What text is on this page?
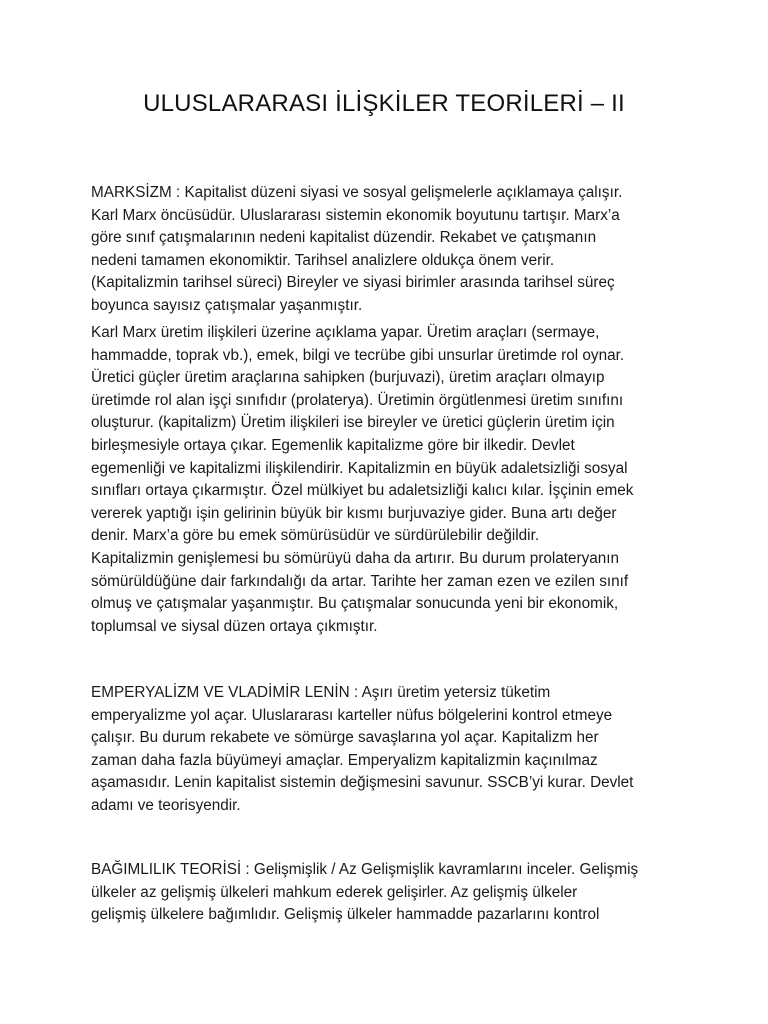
ULUSLARARASI İLİŞKİLER TEORİLERİ – II

MARKSİZM : Kapitalist düzeni siyasi ve sosyal gelişmelerle açıklamaya çalışır.
Karl Marx öncüsüdür. Uluslararası sistemin ekonomik boyutunu tartışır. Marx’a
göre sınıf çatışmalarının nedeni kapitalist düzendir. Rekabet ve çatışmanın
nedeni tamamen ekonomiktir. Tarihsel analizlere oldukça önem verir.
(Kapitalizmin tarihsel süreci) Bireyler ve siyasi birimler arasında tarihsel süreç
boyunca sayısız çatışmalar yaşanmıştır.

Karl Marx üretim ilişkileri üzerine açıklama yapar. Üretim araçları (sermaye,
hammadde, toprak vb.), emek, bilgi ve tecrübe gibi unsurlar üretimde rol oynar.
Üretici güçler üretim araçlarına sahipken (burjuvazi), üretim araçları olmayıp
üretimde rol alan işçi sınıfıdır (prolaterya). Üretimin örgütlenmesi üretim sınıfını
oluşturur. (kapitalizm) Üretim ilişkileri ise bireyler ve üretici güçlerin üretim için
birleşmesiyle ortaya çıkar. Egemenlik kapitalizme göre bir ilkedir. Devlet
egemenliği ve kapitalizmi ilişkilendirir. Kapitalizmin en büyük adaletsizliği sosyal
sınıfları ortaya çıkarmıştır. Özel mülkiyet bu adaletsizliği kalıcı kılar. İşçinin emek
vererek yaptığı işin gelirinin büyük bir kısmı burjuvaziye gider. Buna artı değer
denir. Marx’a göre bu emek sömürüsüdür ve sürdürülebilir değildir.
Kapitalizmin genişlemesi bu sömürüyü daha da artırır. Bu durum prolateryanın
sömürüldüğüne dair farkındalığı da artar. Tarihte her zaman ezen ve ezilen sınıf
olmuş ve çatışmalar yaşanmıştır. Bu çatışmalar sonucunda yeni bir ekonomik,
toplumsal ve siysal düzen ortaya çıkmıştır.

EMPERYALİZM VE VLADİMİR LENİN : Aşırı üretim yetersiz tüketim
emperyalizme yol açar. Uluslararası karteller nüfus bölgelerini kontrol etmeye
çalışır. Bu durum rekabete ve sömürge savaşlarına yol açar. Kapitalizm her
zaman daha fazla büyümeyi amaçlar. Emperyalizm kapitalizmin kaçınılmaz
aşamasıdır. Lenin kapitalist sistemin değişmesini savunur. SSCB’yi kurar. Devlet
adamı ve teorisyendir.

BAĞIMLILIK TEORİSİ : Gelişmişlik / Az Gelişmişlik kavramlarını inceler. Gelişmiş
ülkeler az gelişmiş ülkeleri mahkum ederek gelişirler. Az gelişmiş ülkeler
gelişmiş ülkelere bağımlıdır. Gelişmiş ülkeler hammadde pazarlarını kontrol
